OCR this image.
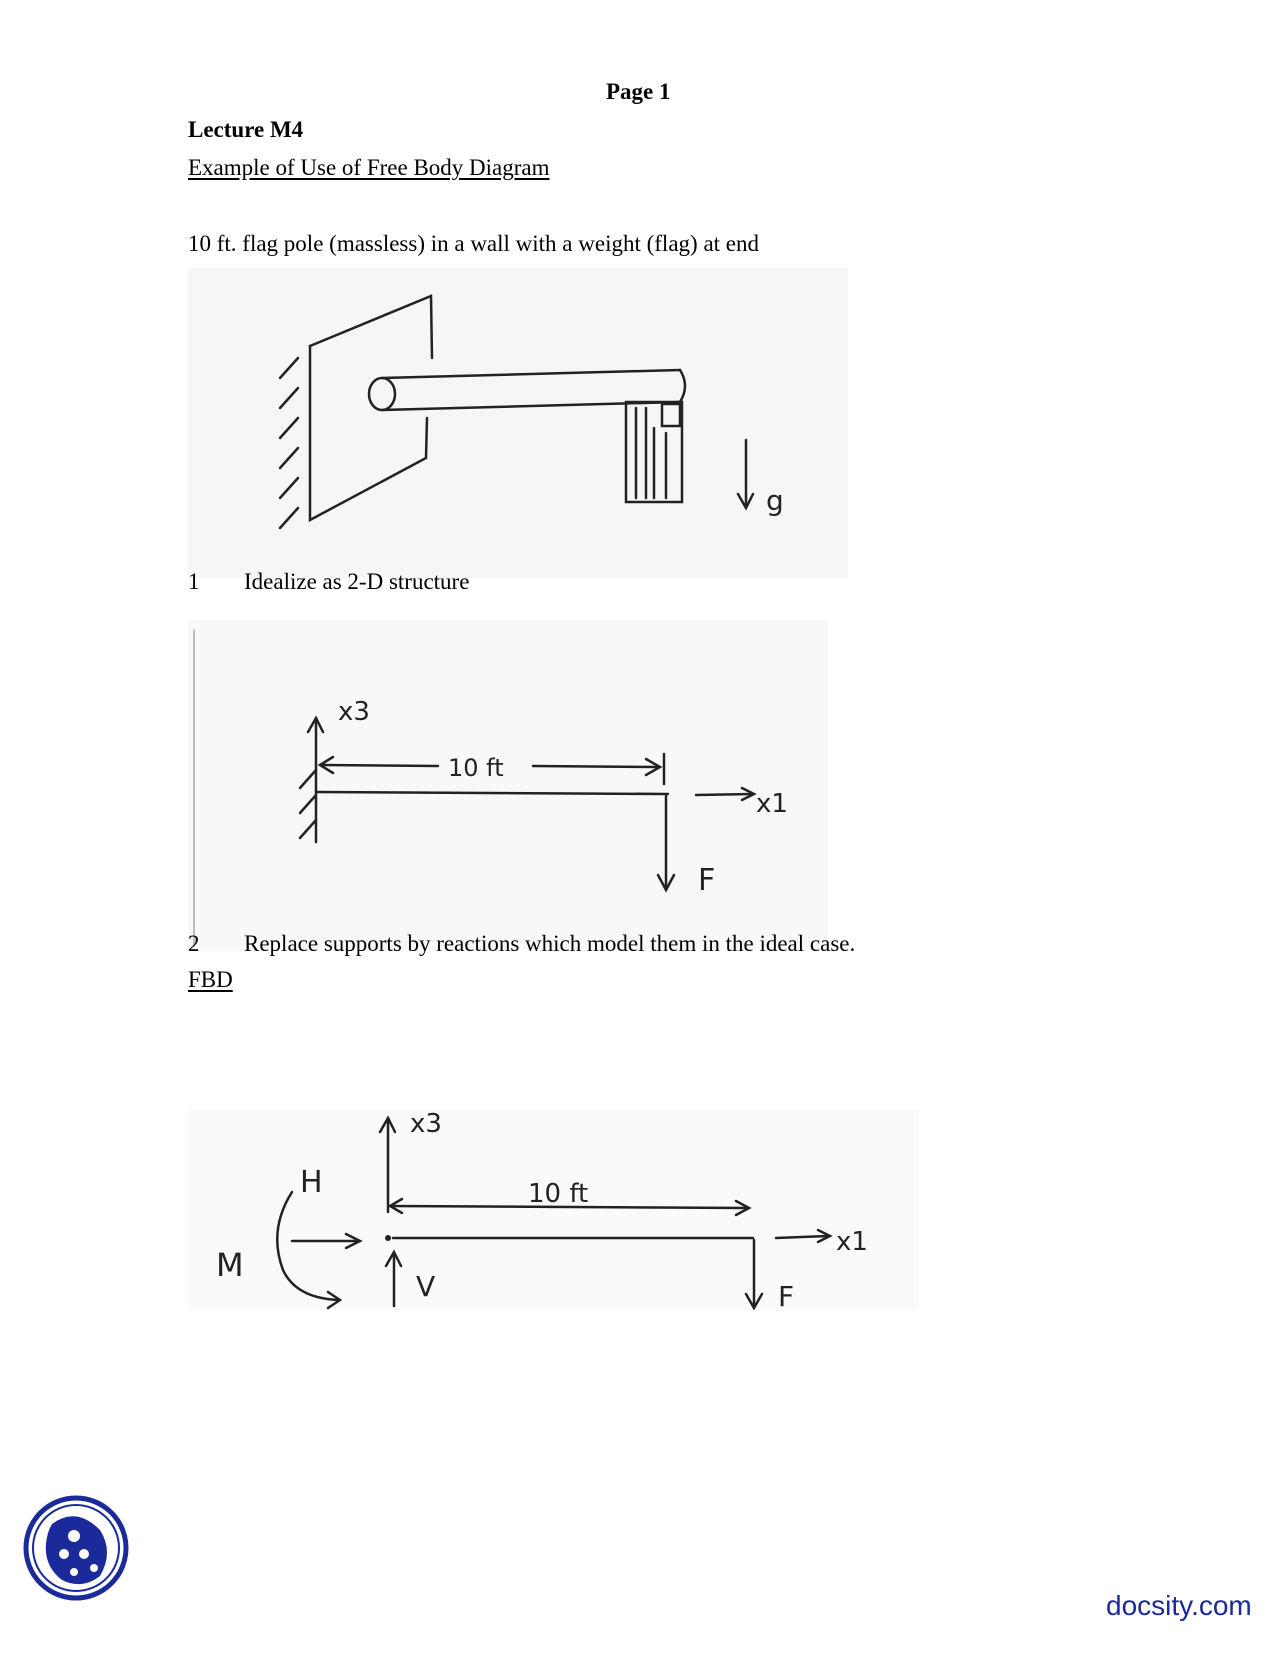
Page 1
Lecture M4
Example of Use of Free Body Diagram
10 ft. flag pole (massless) in a wall with a weight (flag) at end
g
1 Idealize as 2-D structure
x3
10 ft
x1
F
2 Replace supports by reactions which model them in the ideal case.
FBD
x3
10 ft
x1
F
H
M
V
docsity.com
